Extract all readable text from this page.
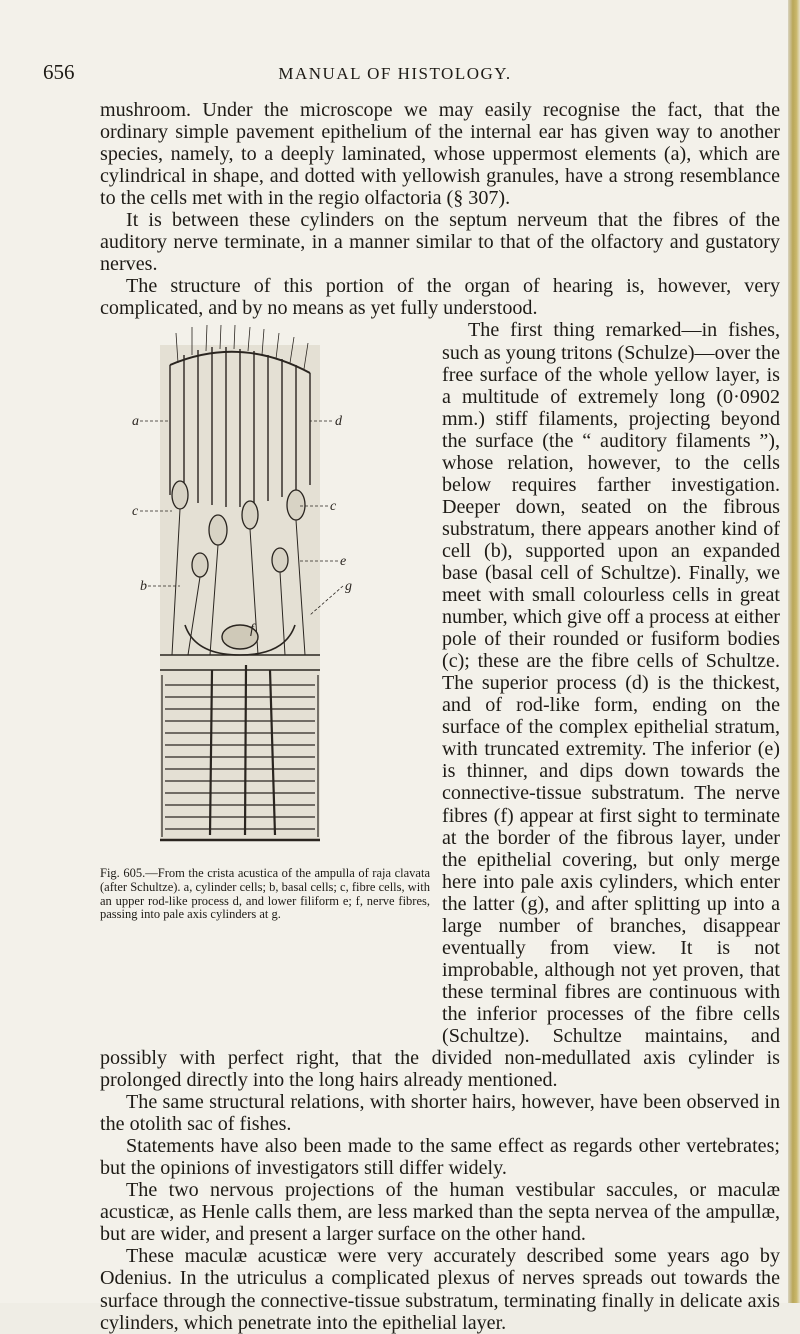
656	MANUAL OF HISTOLOGY.

mushroom. Under the microscope we may easily recognise the fact, that the ordinary simple pavement epithelium of the internal ear has given way to another species, namely, to a deeply laminated, whose uppermost elements (a), which are cylindrical in shape, and dotted with yellowish granules, have a strong resemblance to the cells met with in the regio olfactoria (§ 307).

It is between these cylinders on the septum nerveum that the fibres of the auditory nerve terminate, in a manner similar to that of the olfactory and gustatory nerves.

The structure of this portion of the organ of hearing is, however, very complicated, and by no means as yet fully understood.

a
b
c	c
d
e
f
g
Fig. 605.—From the crista acustica of the ampulla of raja clavata (after Schultze). a, cylinder cells; b, basal cells; c, fibre cells, with an upper rod-like process d, and lower filiform e; f, nerve fibres, passing into pale axis cylinders at g.

The first thing remarked—in fishes, such as young tritons (Schulze)—over the free surface of the whole yellow layer, is a multitude of extremely long (0·0902 mm.) stiff filaments, projecting beyond the surface (the “ auditory filaments ”), whose relation, however, to the cells below requires farther investigation. Deeper down, seated on the fibrous substratum, there appears another kind of cell (b), supported upon an expanded base (basal cell of Schultze). Finally, we meet with small colourless cells in great number, which give off a process at either pole of their rounded or fusiform bodies (c); these are the fibre cells of Schultze. The superior process (d) is the thickest, and of rod-like form, ending on the surface of the complex epithelial stratum, with truncated extremity. The inferior (e) is thinner, and dips down towards the connective-tissue substratum. The nerve fibres (f) appear at first sight to terminate at the border of the fibrous layer, under the epithelial covering, but only merge here into pale axis cylinders, which enter the latter (g), and after splitting up into a large number of branches, disappear eventually from view. It is not improbable, although not yet proven, that these terminal fibres are continuous with the inferior processes of the fibre cells (Schultze). Schultze maintains, and possibly with perfect right, that the divided non-medullated axis cylinder is prolonged directly into the long hairs already mentioned.

The same structural relations, with shorter hairs, however, have been observed in the otolith sac of fishes.

Statements have also been made to the same effect as regards other vertebrates; but the opinions of investigators still differ widely.

The two nervous projections of the human vestibular saccules, or maculæ acusticæ, as Henle calls them, are less marked than the septa nervea of the ampullæ, but are wider, and present a larger surface on the other hand.

These maculæ acusticæ were very accurately described some years ago by Odenius. In the utriculus a complicated plexus of nerves spreads out towards the surface through the connective-tissue substratum, terminating finally in delicate axis cylinders, which penetrate into the epithelial layer.
